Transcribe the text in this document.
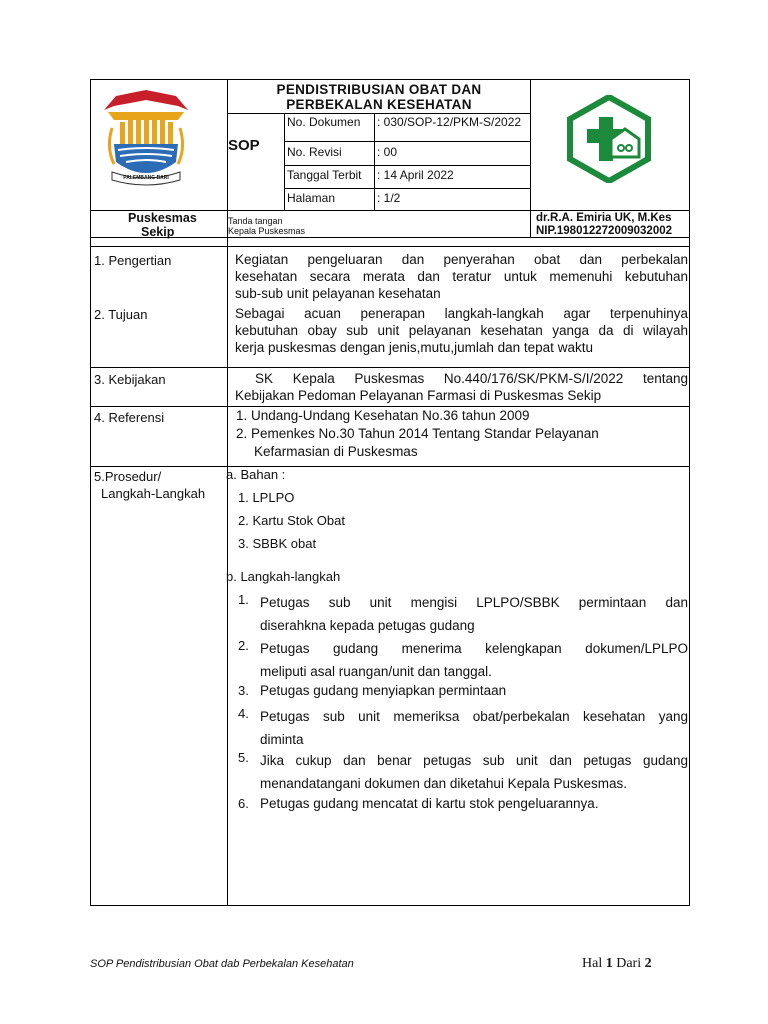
PALEMBANG BARI
PENDISTRIBUSIAN OBAT DAN
PERBEKALAN KESEHATAN
SOP
No. Dokumen : 030/SOP-12/PKM-S/2022
No. Revisi	: 00
Tanggal Terbit : 14 April 2022
Halaman	: 1/2
Puskesmas
Sekip
Tanda tangan
Kepala Puskesmas
dr.R.A. Emiria UK, M.Kes
NIP.198012272009032002
1. Pengertian	Kegiatan pengeluaran dan penyerahan obat dan perbekalan
kesehatan secara merata dan teratur untuk memenuhi kebutuhan
sub-sub unit pelayanan kesehatan
2. Tujuan	Sebagai acuan penerapan langkah-langkah agar terpenuhinya
kebutuhan obay sub unit pelayanan kesehatan yanga da di wilayah
kerja puskesmas dengan jenis,mutu,jumlah dan tepat waktu
3. Kebijakan	SK Kepala Puskesmas No.440/176/SK/PKM-S/I/2022 tentang
Kebijakan Pedoman Pelayanan Farmasi di Puskesmas Sekip
4. Referensi	1. Undang-Undang Kesehatan No.36 tahun 2009
2. Pemenkes No.30 Tahun 2014 Tentang Standar Pelayanan
Kefarmasian di Puskesmas
5.Prosedur/
Langkah-Langkah
a. Bahan :
1. LPLPO
2. Kartu Stok Obat
3. SBBK obat
b. Langkah-langkah
1. Petugas sub unit mengisi LPLPO/SBBK permintaan dan
diserahkna kepada petugas gudang
2. Petugas gudang menerima kelengkapan dokumen/LPLPO
meliputi asal ruangan/unit dan tanggal.
3. Petugas gudang menyiapkan permintaan
4. Petugas sub unit memeriksa obat/perbekalan kesehatan yang
diminta
5. Jika cukup dan benar petugas sub unit dan petugas gudang
menandatangani dokumen dan diketahui Kepala Puskesmas.
6. Petugas gudang mencatat di kartu stok pengeluarannya.
SOP Pendistribusian Obat dab Perbekalan Kesehatan	Hal 1 Dari 2
